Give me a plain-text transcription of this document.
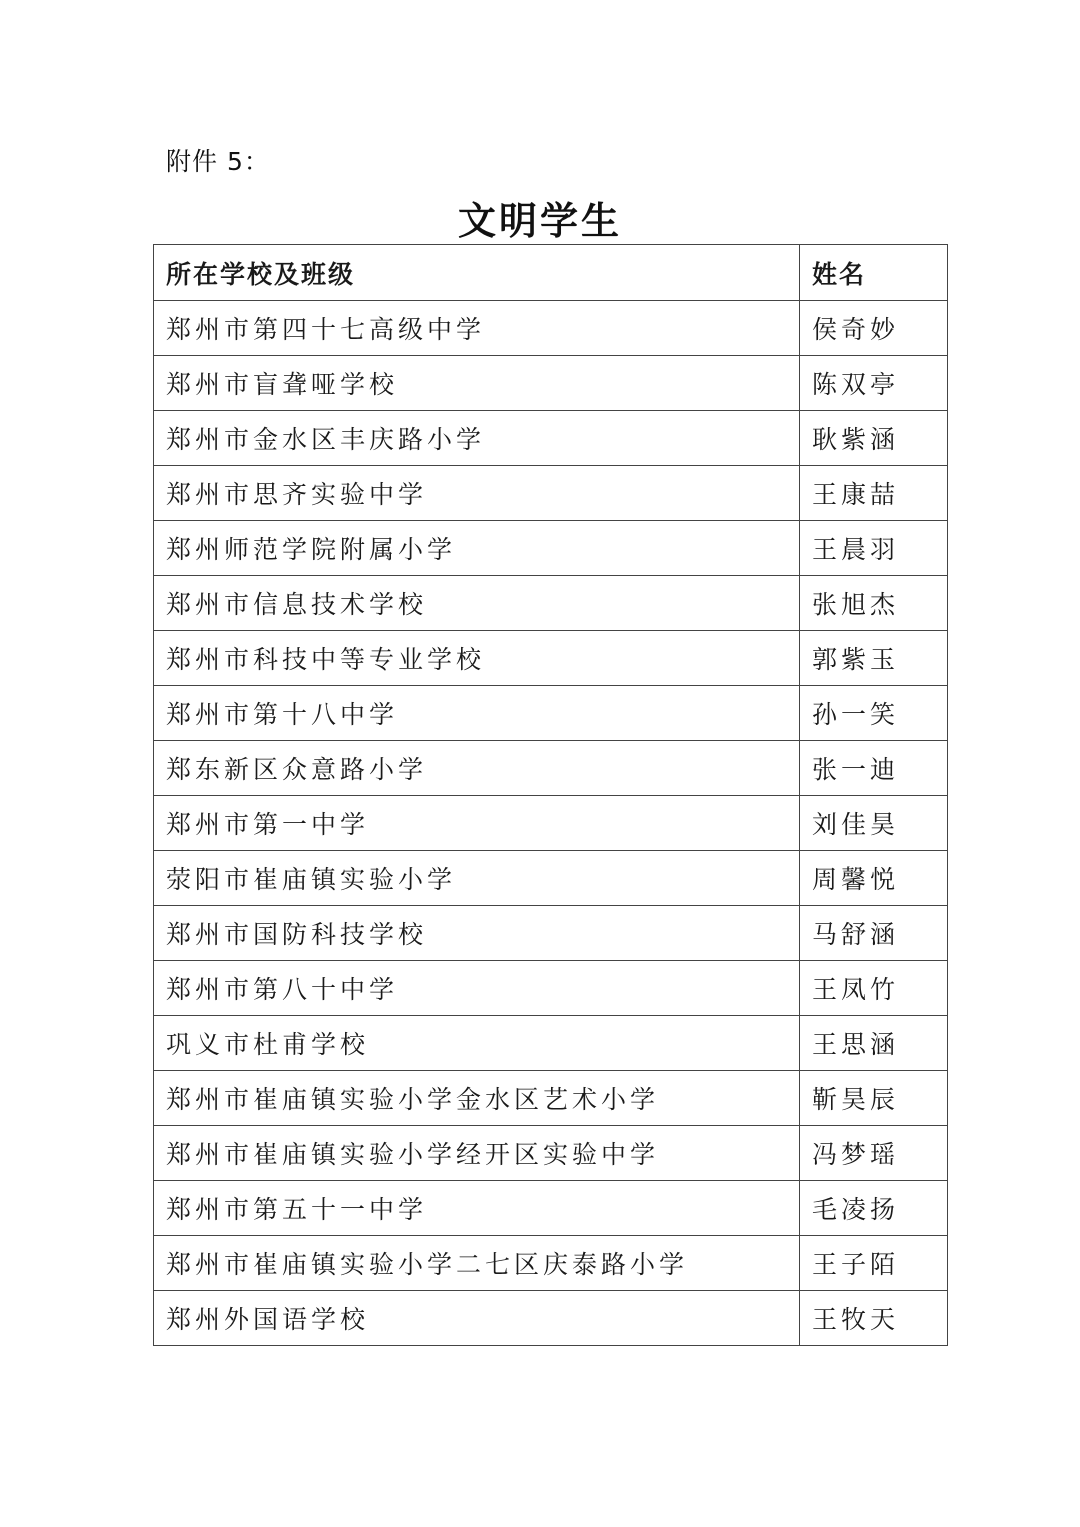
附件 5：
文明学生
所在学校及班级	姓名
郑州市第四十七高级中学	侯奇妙
郑州市盲聋哑学校	陈双亭
郑州市金水区丰庆路小学	耿紫涵
郑州市思齐实验中学	王康喆
郑州师范学院附属小学	王晨羽
郑州市信息技术学校	张旭杰
郑州市科技中等专业学校	郭紫玉
郑州市第十八中学	孙一笑
郑东新区众意路小学	张一迪
郑州市第一中学	刘佳昊
荥阳市崔庙镇实验小学	周馨悦
郑州市国防科技学校	马舒涵
郑州市第八十中学	王凤竹
巩义市杜甫学校	王思涵
郑州市崔庙镇实验小学金水区艺术小学	靳昊辰
郑州市崔庙镇实验小学经开区实验中学	冯梦瑶
郑州市第五十一中学	毛凌扬
郑州市崔庙镇实验小学二七区庆泰路小学	王子陌
郑州外国语学校	王牧天
